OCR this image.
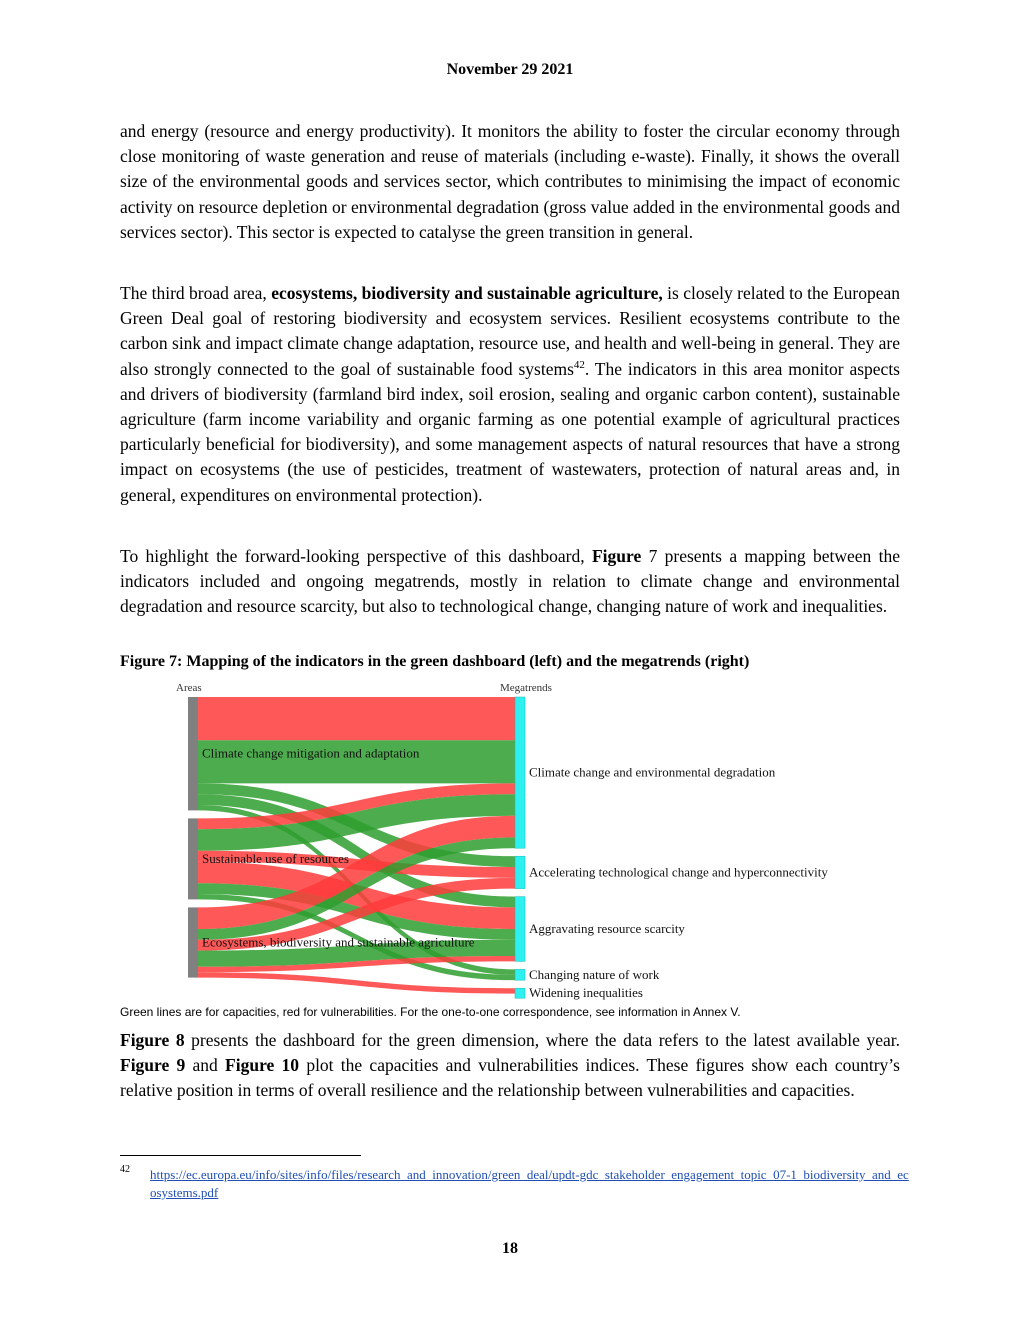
November 29 2021

and energy (resource and energy productivity). It monitors the ability to foster the circular economy through close monitoring of waste generation and reuse of materials (including e-waste). Finally, it shows the overall size of the environmental goods and services sector, which contributes to minimising the impact of economic activity on resource depletion or environmental degradation (gross value added in the environmental goods and services sector). This sector is expected to catalyse the green transition in general.

The third broad area, ecosystems, biodiversity and sustainable agriculture, is closely related to the European Green Deal goal of restoring biodiversity and ecosystem services. Resilient ecosystems contribute to the carbon sink and impact climate change adaptation, resource use, and health and well-being in general. They are also strongly connected to the goal of sustainable food systems$^{42}$. The indicators in this area monitor aspects and drivers of biodiversity (farmland bird index, soil erosion, sealing and organic carbon content), sustainable agriculture (farm income variability and organic farming as one potential example of agricultural practices particularly beneficial for biodiversity), and some management aspects of natural resources that have a strong impact on ecosystems (the use of pesticides, treatment of wastewaters, protection of natural areas and, in general, expenditures on environmental protection).

To highlight the forward-looking perspective of this dashboard, Figure 7 presents a mapping between the indicators included and ongoing megatrends, mostly in relation to climate change and environmental degradation and resource scarcity, but also to technological change, changing nature of work and inequalities.

Figure 7: Mapping of the indicators in the green dashboard (left) and the megatrends (right)
Areas	Megatrends
Climate change mitigation and adaptation
Sustainable use of resources
Ecosystems, biodiversity and sustainable agriculture
Climate change and environmental degradation
Accelerating technological change and hyperconnectivity
Aggravating resource scarcity
Changing nature of work
Widening inequalities
Green lines are for capacities, red for vulnerabilities. For the one-to-one correspondence, see information in Annex V.

Figure 8 presents the dashboard for the green dimension, where the data refers to the latest available year. Figure 9 and Figure 10 plot the capacities and vulnerabilities indices. These figures show each country’s relative position in terms of overall resilience and the relationship between vulnerabilities and capacities.

42 https://ec.europa.eu/info/sites/info/files/research_and_innovation/green_deal/updt-gdc_stakeholder_engagement_topic_07-1_biodiversity_and_ecosystems.pdf
18
